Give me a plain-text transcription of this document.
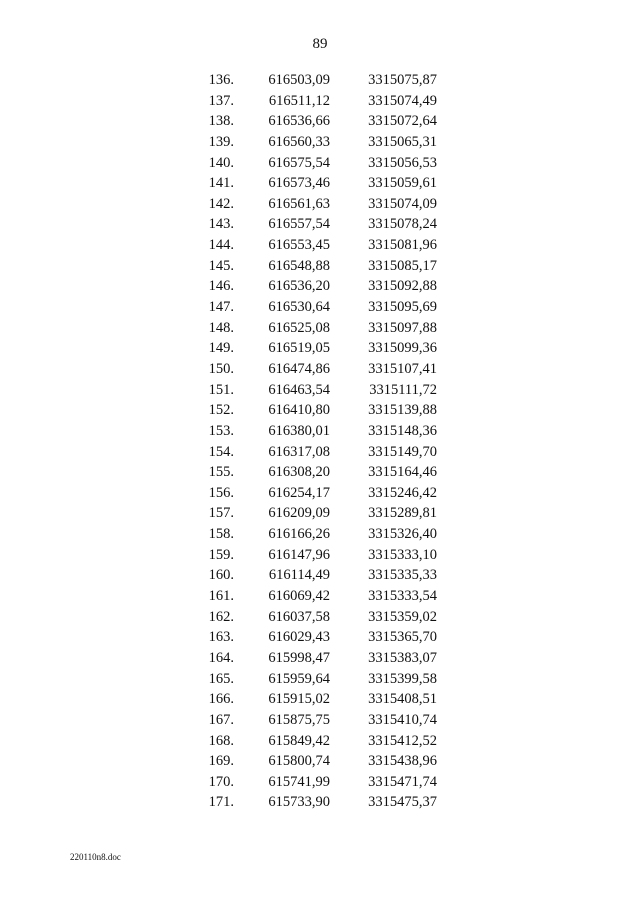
89
136. 616503,09	3315075,87
137. 616511,12	3315074,49
138. 616536,66	3315072,64
139. 616560,33	3315065,31
140. 616575,54	3315056,53
141. 616573,46	3315059,61
142. 616561,63	3315074,09
143. 616557,54	3315078,24
144. 616553,45	3315081,96
145. 616548,88	3315085,17
146. 616536,20	3315092,88
147. 616530,64	3315095,69
148. 616525,08	3315097,88
149. 616519,05	3315099,36
150. 616474,86	3315107,41
151. 616463,54	3315111,72
152. 616410,80	3315139,88
153. 616380,01	3315148,36
154. 616317,08	3315149,70
155. 616308,20	3315164,46
156. 616254,17	3315246,42
157. 616209,09	3315289,81
158. 616166,26	3315326,40
159. 616147,96	3315333,10
160. 616114,49	3315335,33
161. 616069,42	3315333,54
162. 616037,58	3315359,02
163. 616029,43	3315365,70
164. 615998,47	3315383,07
165. 615959,64	3315399,58
166. 615915,02	3315408,51
167. 615875,75	3315410,74
168. 615849,42	3315412,52
169. 615800,74	3315438,96
170. 615741,99	3315471,74
171. 615733,90	3315475,37
220110n8.doc
